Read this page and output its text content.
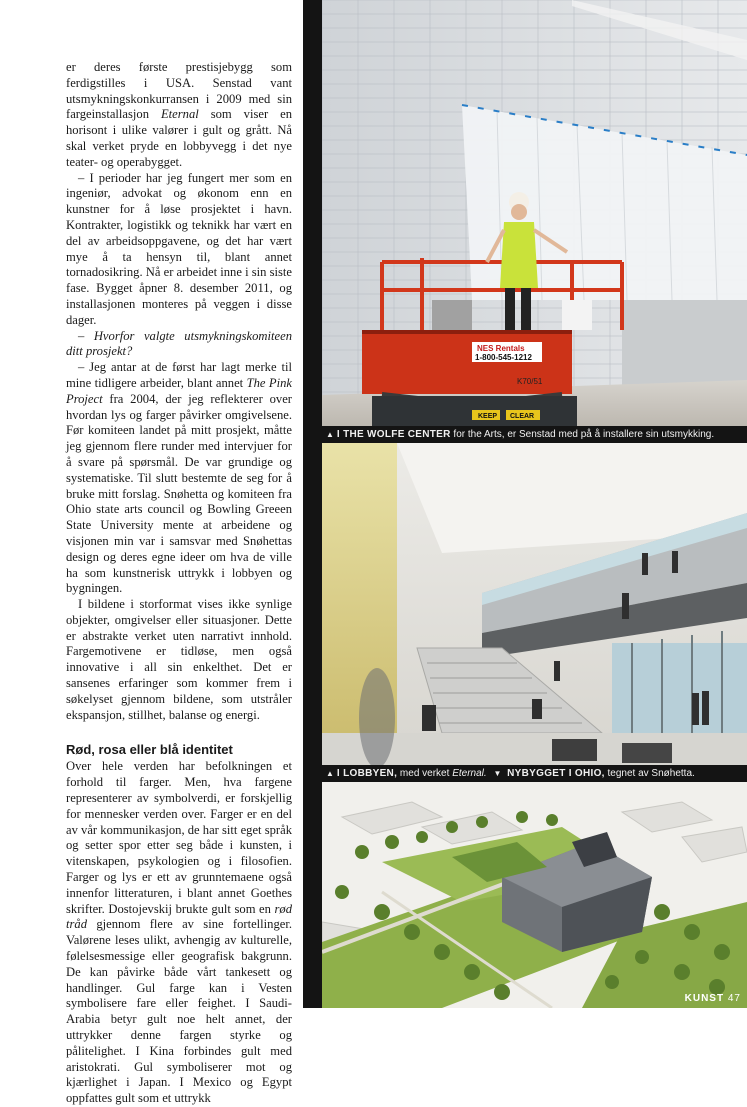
er deres første prestisjebygg som ferdigstilles i USA. Senstad vant utsmykningskonkurransen i 2009 med sin fargeinstallasjon Eternal som viser en horisont i ulike valører i gult og grått. Nå skal verket pryde en lobbyvegg i det nye teater- og operabygget.

– I perioder har jeg fungert mer som en ingeniør, advokat og økonom enn en kunstner for å løse prosjektet i havn. Kontrakter, logistikk og teknikk har vært en del av arbeidsoppgavene, og det har vært mye å ta hensyn til, blant annet tornadosikring. Nå er arbeidet inne i sin siste fase. Bygget åpner 8. desember 2011, og installasjonen monteres på veggen i disse dager.

– Hvorfor valgte utsmykningskomiteen ditt prosjekt?

– Jeg antar at de først har lagt merke til mine tidligere arbeider, blant annet The Pink Project fra 2004, der jeg reflekterer over hvordan lys og farger påvirker omgivelsene. Før komiteen landet på mitt prosjekt, måtte jeg gjennom flere runder med intervjuer for å svare på spørsmål. De var grundige og systematiske. Til slutt bestemte de seg for å bruke mitt forslag. Snøhetta og komiteen fra Ohio state arts council og Bowling Greeen State University mente at arbeidene og visjonen min var i samsvar med Snøhettas design og deres egne ideer om hva de ville ha som kunstnerisk uttrykk i lobbyen og bygningen.

I bildene i storformat vises ikke synlige objekter, omgivelser eller situasjoner. Dette er abstrakte verket uten narrativt innhold. Fargemotivene er tidløse, men også innovative i all sin enkelthet. Det er sansenes erfaringer som kommer frem i søkelyset gjennom bildene, som utstråler ekspansjon, stillhet, balanse og energi.

Rød, rosa eller blå identitet

Over hele verden har befolkningen et forhold til farger. Men, hva fargene representerer av symbolverdi, er forskjellig for mennesker verden over. Farger er en del av vår kommunikasjon, de har sitt eget språk og setter spor etter seg både i kunsten, i vitenskapen, psykologien og i filosofien. Farger og lys er ett av grunntemaene også innenfor litteraturen, i blant annet Goethes skrifter. Dostojevskij brukte gult som en rød tråd gjennom flere av sine fortellinger. Valørene leses ulikt, avhengig av kulturelle, følelsesmessige eller geografisk bakgrunn. De kan påvirke både vårt tankesett og handlinger. Gul farge kan i Vesten symbolisere fare eller feighet. I Saudi-Arabia betyr gult noe helt annet, der uttrykker denne fargen styrke og pålitelighet. I Kina forbindes gult med aristokrati. Gul symboliserer mot og kjærlighet i Japan. I Mexico og Egypt oppfattes gult som et uttrykk

KEEP CLEAR
K70/51
NES Rentals
1-800-545-1212
▲ I THE WOLFE CENTER for the Arts, er Senstad med på å installere sin utsmykking.
▲ I LOBBYEN, med verket Eternal. ▼ NYBYGGET I OHIO, tegnet av Snøhetta.
KUNST 47
